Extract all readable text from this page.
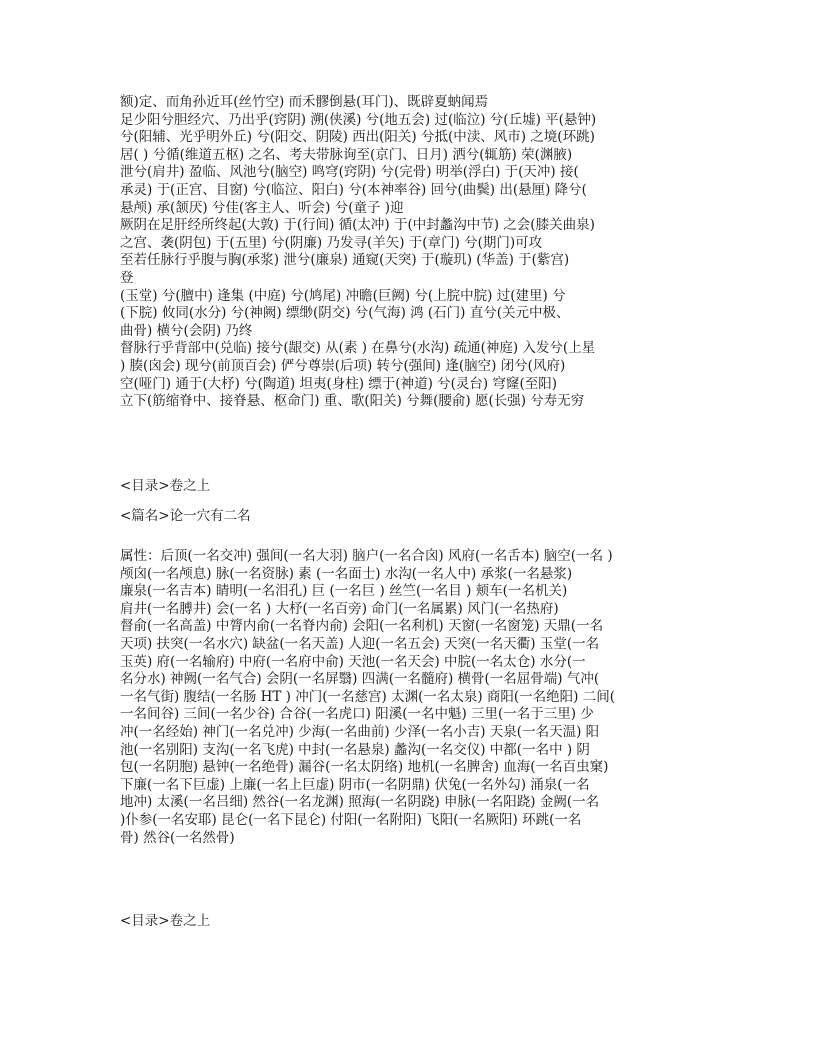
额)定、而角孙近耳(丝竹空) 而禾髎倒悬(耳门)、既辟夏蚋闻焉
足少阳兮胆经穴、乃出乎(窍阴) 溯(侠溪) 兮(地五会) 过(临泣) 兮(丘墟) 平(悬钟)
兮(阳辅、光乎明外丘) 兮(阳交、阴陵) 西出(阳关) 兮抵(中渎、风市) 之境(环跳)
居( ) 兮循(维道五枢) 之名、考夫带脉询至(京门、日月) 洒兮(辄筋) 荣(渊腋)
泄兮(肩井) 盈临、风池兮(脑空) 鸣穹(窍阴) 兮(完骨) 明举(浮白) 于(天冲) 接(
承灵) 于(正宫、目窗) 兮(临泣、阳白) 兮(本神率谷) 回兮(曲鬓) 出(悬厘) 降兮(
悬颅) 承(颔厌) 兮佳(客主人、听会) 兮(童子 )迎
厥阴在足肝经所终起(大敦) 于(行间) 循(太冲) 于(中封蠡沟中节) 之会(膝关曲泉)
之宫、袭(阴包) 于(五里) 兮(阴廉) 乃发寻(羊矢) 于(章门) 兮(期门)可攻
至若任脉行乎腹与胸(承浆) 泄兮(廉泉) 通窥(天突) 于(璇玑) (华盖) 于(紫宫)
登
(玉堂) 兮(膻中) 逢集 (中庭) 兮(鸠尾) 冲瞻(巨阙) 兮(上脘中脘) 过(建里) 兮
(下脘) 攸同(水分) 兮(神阙) 缥缈(阴交) 兮(气海) 鸿 (石门) 直兮(关元中极、
曲骨) 横兮(会阴) 乃终
督脉行乎背部中(兑临) 接兮(龈交) 从(素 ) 在鼻兮(水沟) 疏通(神庭) 入发兮(上星
) 腠(囟会) 现兮(前顶百会) 俨兮尊崇(后项) 转兮(强间) 逢(脑空) 闭兮(风府)
空(哑门) 通于(大杼) 兮(陶道) 坦夷(身柱) 缥于(神道) 兮(灵台) 穹窿(至阳)
立下(筋缩脊中、接脊悬、枢命门) 重、歌(阳关) 兮舞(腰俞) 愿(长强) 兮寿无穷
<目录>卷之上
<篇名>论一穴有二名
属性：后顶(一名交冲) 强间(一名大羽) 脑户(一名合囟) 风府(一名舌本) 脑空(一名 )
颅囟(一名颅息) 脉(一名资脉) 素 (一名面士) 水沟(一名人中) 承浆(一名悬浆)
廉泉(一名吉本) 睛明(一名泪孔) 巨 (一名巨 ) 丝竺(一名目 ) 颊车(一名机关)
肩井(一名膊井) 会(一名 ) 大杼(一名百旁) 命门(一名属累) 风门(一名热府)
督俞(一名高盖) 中膂内俞(一名脊内俞) 会阳(一名利机) 天窗(一名窗笼) 天鼎(一名
天项) 扶突(一名水穴) 缺盆(一名天盖) 人迎(一名五会) 天突(一名天衢) 玉堂(一名
玉英) 府(一名输府) 中府(一名府中俞) 天池(一名天会) 中脘(一名太仓) 水分(一
名分水) 神阙(一名气合) 会阴(一名屏翳) 四满(一名髓府) 横骨(一名屈骨端) 气冲(
一名气街) 腹结(一名肠 HT ) 冲门(一名慈宫) 太渊(一名太泉) 商阳(一名绝阳) 二间(
一名间谷) 三间(一名少谷) 合谷(一名虎口) 阳溪(一名中魁) 三里(一名于三里) 少
冲(一名经始) 神门(一名兑冲) 少海(一名曲前) 少泽(一名小吉) 天泉(一名天温) 阳
池(一名别阳) 支沟(一名飞虎) 中封(一名悬泉) 蠡沟(一名交仪) 中都(一名中 ) 阴
包(一名阴胞) 悬钟(一名绝骨) 漏谷(一名太阴络) 地机(一名脾舍) 血海(一名百虫窠)
下廉(一名下巨虚) 上廉(一名上巨虚) 阴市(一名阴鼎) 伏兔(一名外勾) 涌泉(一名
地冲) 太溪(一名吕细) 然谷(一名龙渊) 照海(一名阴跷) 申脉(一名阳跷) 金阙(一名
)仆参(一名安耶) 昆仑(一名下昆仑) 付阳(一名附阳) 飞阳(一名厥阳) 环跳(一名
骨) 然谷(一名然骨)
<目录>卷之上
